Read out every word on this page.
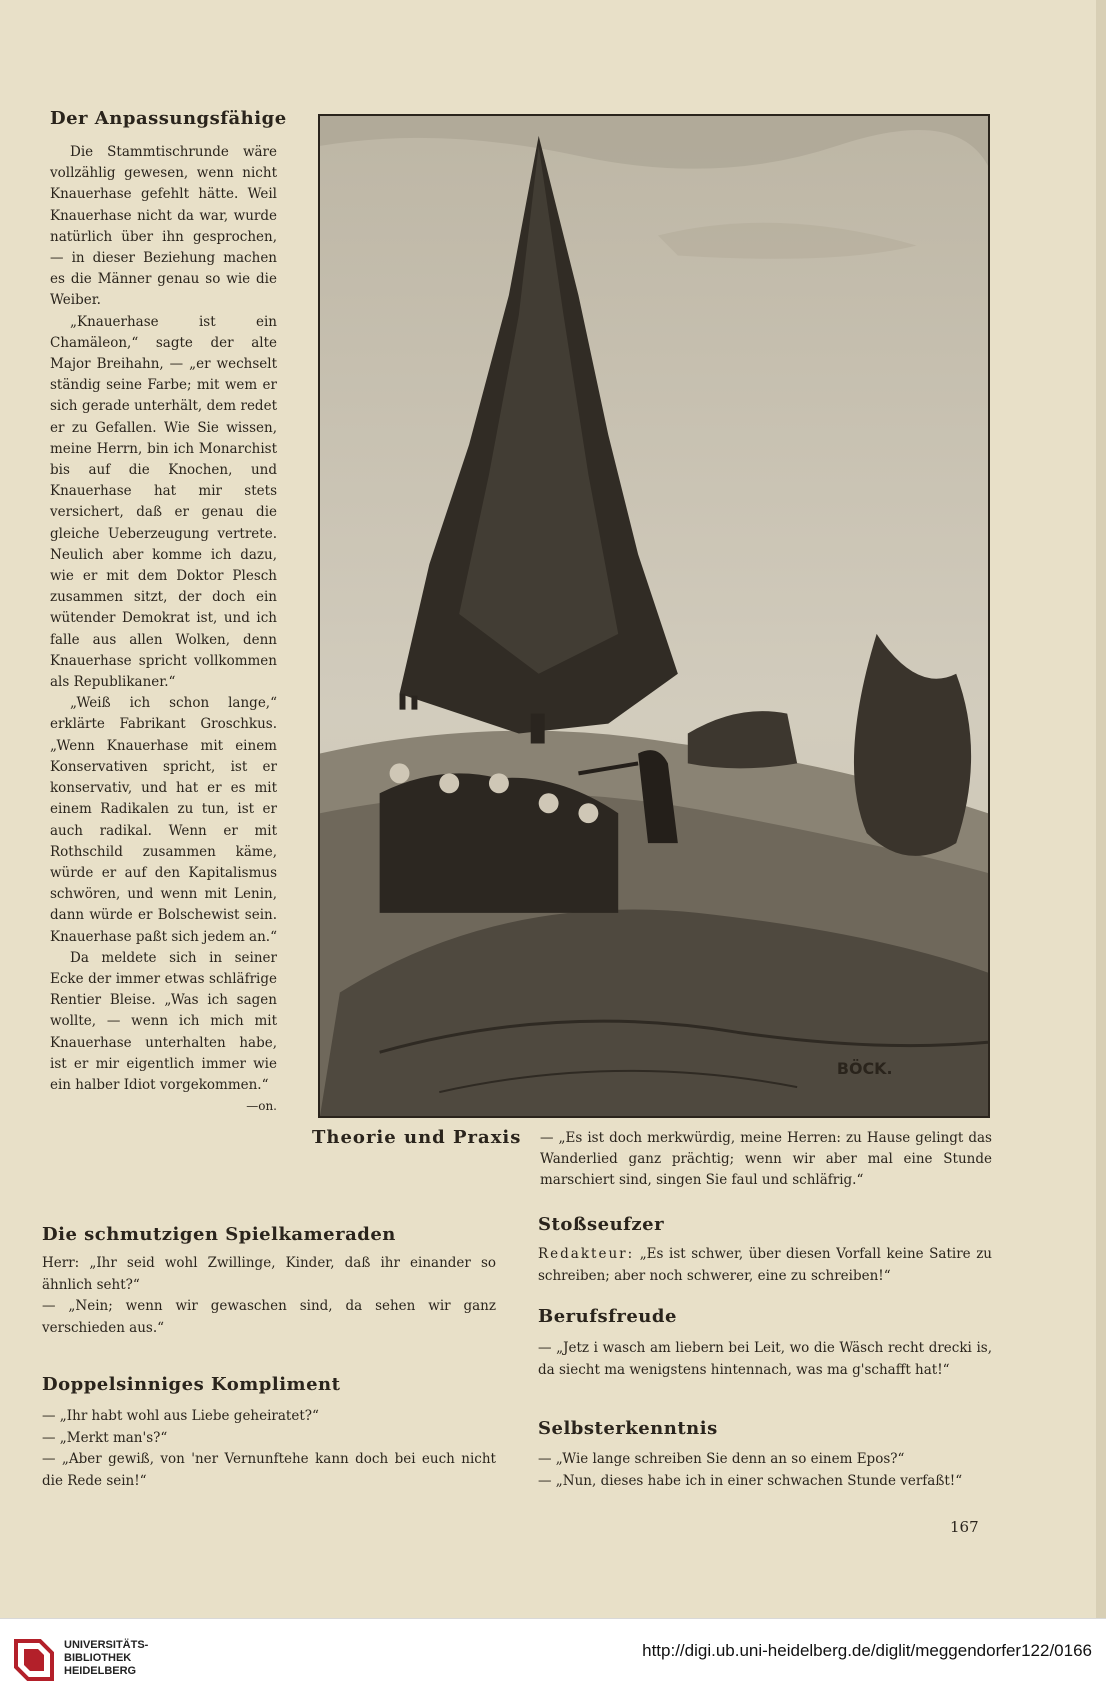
Der Anpassungsfähige

Die Stammtischrunde wäre vollzählig gewesen, wenn nicht Knauerhase gefehlt hätte. Weil Knauerhase nicht da war, wurde natürlich über ihn gesprochen, — in dieser Beziehung machen es die Männer genau so wie die Weiber.

„Knauerhase ist ein Chamäleon,“ sagte der alte Major Breihahn, — „er wechselt ständig seine Farbe; mit wem er sich gerade unterhält, dem redet er zu Gefallen. Wie Sie wissen, meine Herrn, bin ich Monarchist bis auf die Knochen, und Knauerhase hat mir stets versichert, daß er genau die gleiche Ueberzeugung vertrete. Neulich aber komme ich dazu, wie er mit dem Doktor Plesch zusammen sitzt, der doch ein wütender Demokrat ist, und ich falle aus allen Wolken, denn Knauerhase spricht vollkommen als Republikaner.“

„Weiß ich schon lange,“ erklärte Fabrikant Groschkus. „Wenn Knauerhase mit einem Konservativen spricht, ist er konservativ, und hat er es mit einem Radikalen zu tun, ist er auch radikal. Wenn er mit Rothschild zusammen käme, würde er auf den Kapitalismus schwören, und wenn mit Lenin, dann würde er Bolschewist sein. Knauerhase paßt sich jedem an.“

Da meldete sich in seiner Ecke der immer etwas schläfrige Rentier Bleise. „Was ich sagen wollte, — wenn ich mich mit Knauerhase unterhalten habe, ist er mir eigentlich immer wie ein halber Idiot vorgekommen.“
—on.

BÖCK.
Theorie und Praxis — „Es ist doch merkwürdig, meine Herren: zu Hause gelingt das Wanderlied ganz prächtig; wenn wir aber mal eine Stunde marschiert sind, singen Sie faul und schläfrig.“
Die schmutzigen Spielkameraden

Herr: „Ihr seid wohl Zwillinge, Kinder, daß ihr einander so ähnlich seht?“

— „Nein; wenn wir gewaschen sind, da sehen wir ganz verschieden aus.“

Doppelsinniges Kompliment

— „Ihr habt wohl aus Liebe geheiratet?“

— „Merkt man's?“

— „Aber gewiß, von 'ner Vernunftehe kann doch bei euch nicht die Rede sein!“

Stoßseufzer

Redakteur: „Es ist schwer, über diesen Vorfall keine Satire zu schreiben; aber noch schwerer, eine zu schreiben!“

Berufsfreude

— „Jetz i wasch am liebern bei Leit, wo die Wäsch recht drecki is, da siecht ma wenigstens hintennach, was ma g'schafft hat!“

Selbsterkenntnis

— „Wie lange schreiben Sie denn an so einem Epos?“

— „Nun, dieses habe ich in einer schwachen Stunde verfaßt!“

167
UNIVERSITÄTS-
BIBLIOTHEK
HEIDELBERG
http://digi.ub.uni-heidelberg.de/diglit/meggendorfer122/0166
